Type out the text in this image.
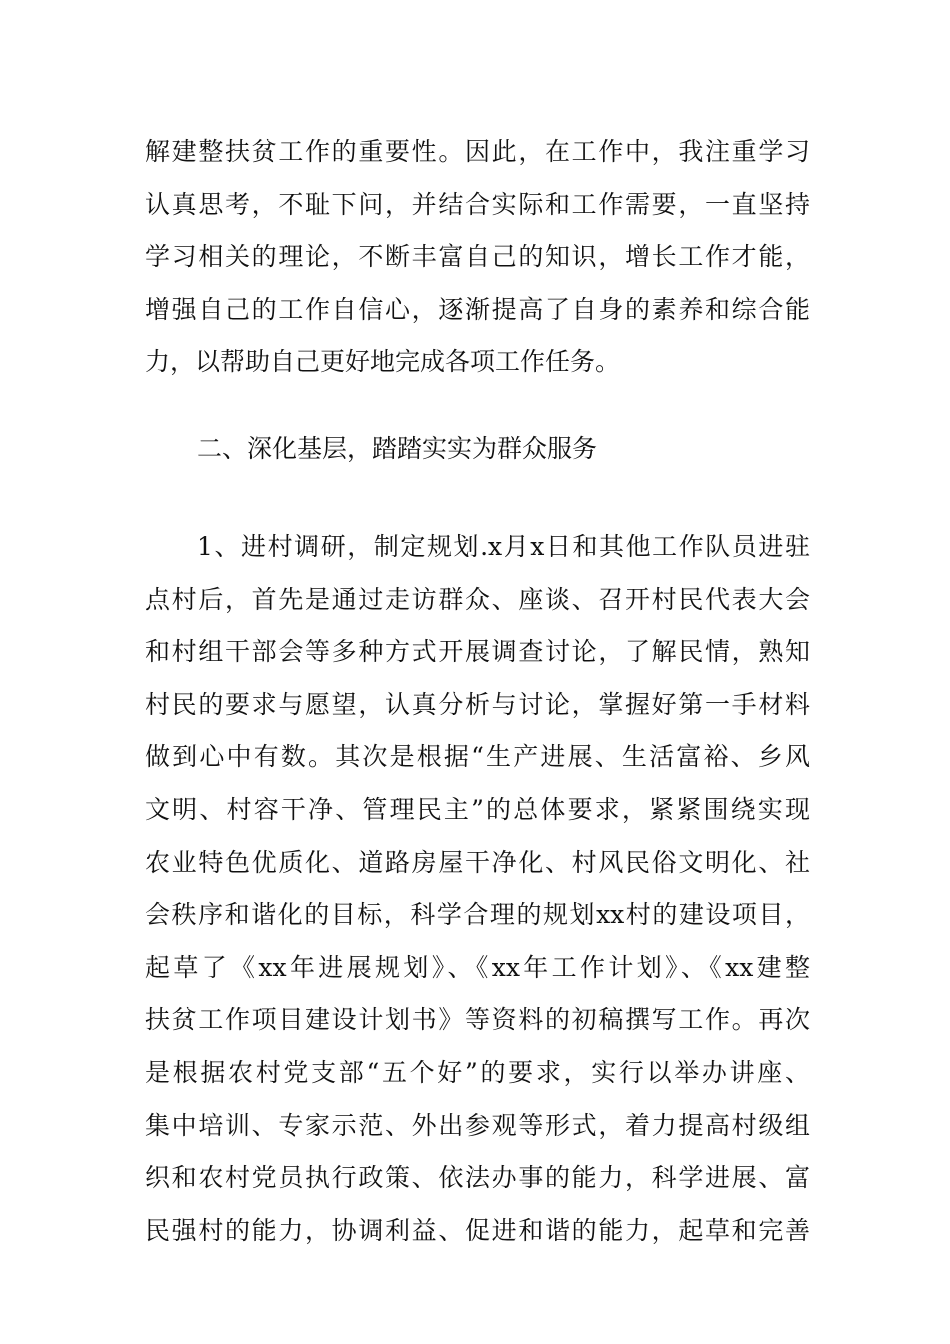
解建整扶贫工作的重要性。因此，在工作中，我注重学习
认真思考，不耻下问，并结合实际和工作需要，一直坚持
学习相关的理论，不断丰富自己的知识，增长工作才能，
增强自己的工作自信心，逐渐提高了自身的素养和综合能
力，以帮助自己更好地完成各项工作任务。
二、深化基层，踏踏实实为群众服务
1、进村调研，制定规划.x月x日和其他工作队员进驻
点村后，首先是通过走访群众、座谈、召开村民代表大会
和村组干部会等多种方式开展调查讨论，了解民情，熟知
村民的要求与愿望，认真分析与讨论，掌握好第一手材料
做到心中有数。其次是根据“生产进展、生活富裕、乡风
文明、村容干净、管理民主”的总体要求，紧紧围绕实现
农业特色优质化、道路房屋干净化、村风民俗文明化、社
会秩序和谐化的目标，科学合理的规划xx村的建设项目，
起草了《xx年进展规划》、《xx年工作计划》、《xx建整
扶贫工作项目建设计划书》等资料的初稿撰写工作。再次
是根据农村党支部“五个好”的要求，实行以举办讲座、
集中培训、专家示范、外出参观等形式，着力提高村级组
织和农村党员执行政策、依法办事的能力，科学进展、富
民强村的能力，协调利益、促进和谐的能力，起草和完善
